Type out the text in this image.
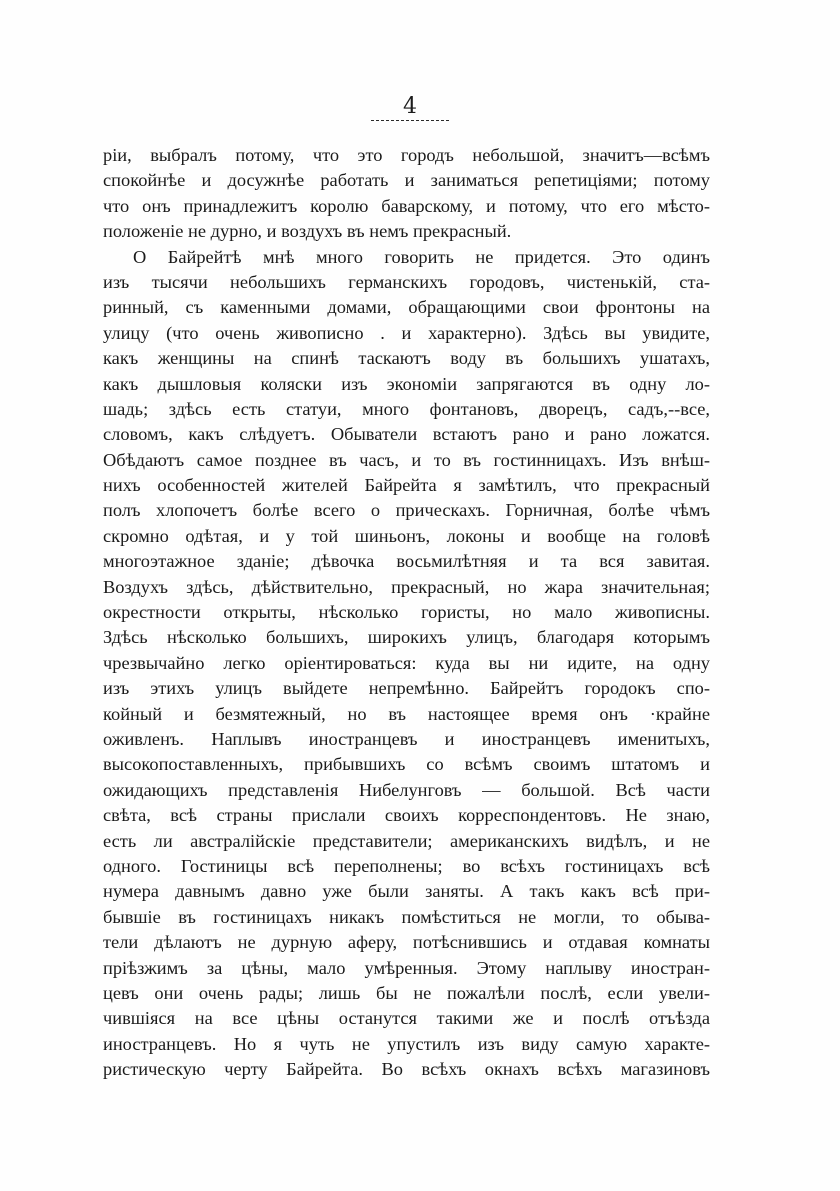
4
ріи, выбралъ потому, что это городъ небольшой, значитъ—всѣмъ
спокойнѣе и досужнѣе работать и заниматься репетиціями; потому
что онъ принадлежитъ королю баварскому, и потому, что его мѣсто-
положеніе не дурно, и воздухъ въ немъ прекрасный.
О Байрейтѣ мнѣ много говорить не придется. Это одинъ
изъ тысячи небольшихъ германскихъ городовъ, чистенькій, ста-
ринный, съ каменными домами, обращающими свои фронтоны на
улицу (что очень живописно . и характерно). Здѣсь вы увидите,
какъ женщины на спинѣ таскаютъ воду въ большихъ ушатахъ,
какъ дышловыя коляски изъ экономіи запрягаются въ одну ло-
шадь; здѣсь есть статуи, много фонтановъ, дворецъ, садъ,--все,
словомъ, какъ слѣдуетъ. Обыватели встаютъ рано и рано ложатся.
Обѣдаютъ самое позднее въ часъ, и то въ гостинницахъ. Изъ внѣш-
нихъ особенностей жителей Байрейта я замѣтилъ, что прекрасный
полъ хлопочетъ болѣе всего о прическахъ. Горничная, болѣе чѣмъ
скромно одѣтая, и у той шиньонъ, локоны и вообще на головѣ
многоэтажное зданіе; дѣвочка восьмилѣтняя и та вся завитая.
Воздухъ здѣсь, дѣйствительно, прекрасный, но жара значительная;
окрестности открыты, нѣсколько гористы, но мало живописны.
Здѣсь нѣсколько большихъ, широкихъ улицъ, благодаря которымъ
чрезвычайно легко оріентироваться: куда вы ни идите, на одну
изъ этихъ улицъ выйдете непремѣнно. Байрейтъ городокъ спо-
койный и безмятежный, но въ настоящее время онъ ·крайне
оживленъ. Наплывъ иностранцевъ и иностранцевъ именитыхъ,
высокопоставленныхъ, прибывшихъ со всѣмъ своимъ штатомъ и
ожидающихъ представленія Нибелунговъ — большой. Всѣ части
свѣта, всѣ страны прислали своихъ корреспондентовъ. Не знаю,
есть ли австралійскіе представители; американскихъ видѣлъ, и не
одного. Гостиницы всѣ переполнены; во всѣхъ гостиницахъ всѣ
нумера давнымъ давно уже были заняты. А такъ какъ всѣ при-
бывшіе въ гостиницахъ никакъ помѣститься не могли, то обыва-
тели дѣлаютъ не дурную аферу, потѣснившись и отдавая комнаты
пріѣзжимъ за цѣны, мало умѣренныя. Этому наплыву иностран-
цевъ они очень рады; лишь бы не пожалѣли послѣ, если увели-
чившіяся на все цѣны останутся такими же и послѣ отъѣзда
иностранцевъ. Но я чуть не упустилъ изъ виду самую характе-
ристическую черту Байрейта. Во всѣхъ окнахъ всѣхъ магазиновъ
